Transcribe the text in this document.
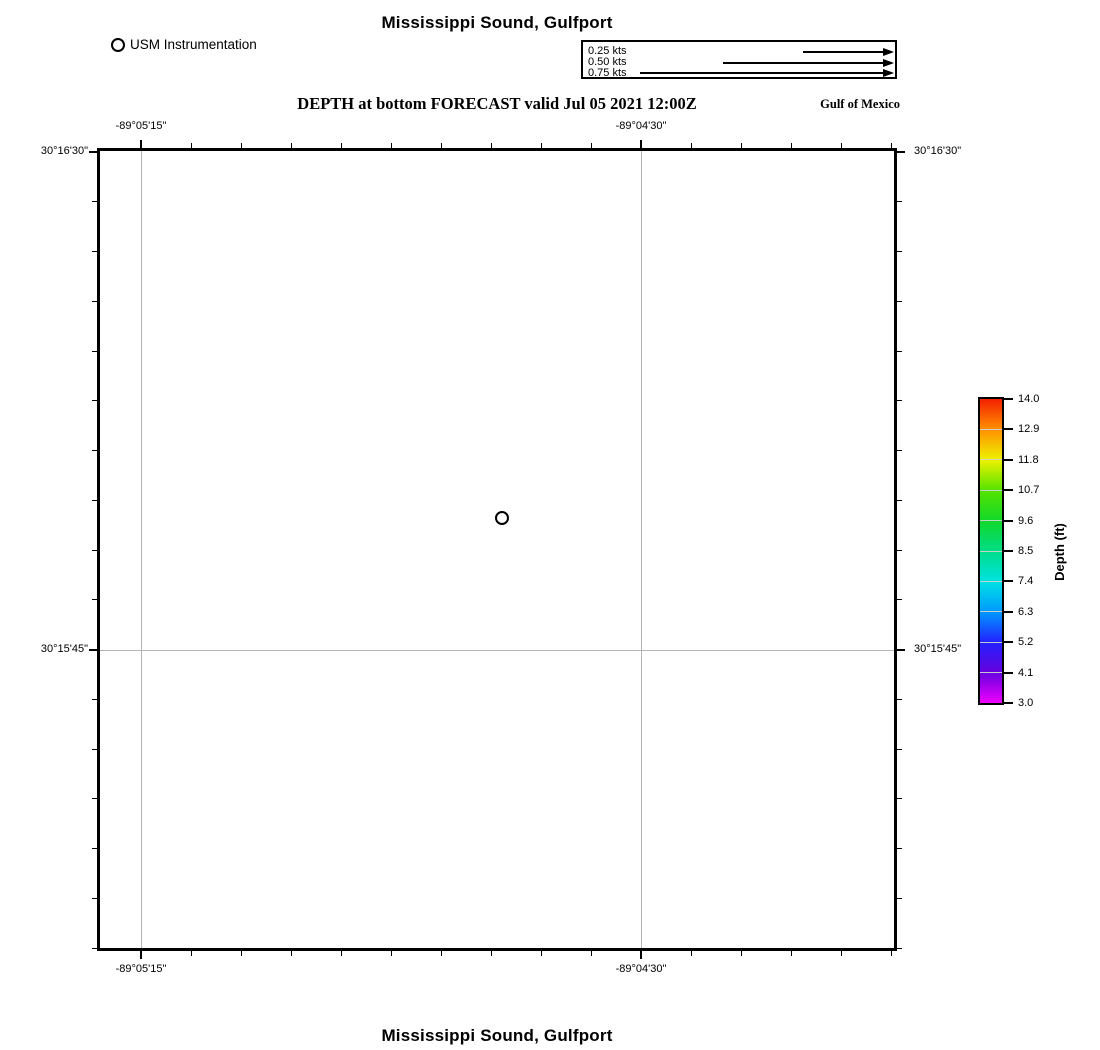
Mississippi Sound, Gulfport
USM Instrumentation	0.25 kts
0.50 kts
0.75 kts
DEPTH at bottom FORECAST valid Jul 05 2021 12:00Z	Gulf of Mexico
Depth (ft)
Mississippi Sound, Gulfport
-89°05'15"
-89°05'15"
-89°04'30"
-89°04'30"
30°16'30"	30°16'30"
30°15'45"	30°15'45"
14.0
12.9
11.8
10.7
9.6
8.5
7.4
6.3
5.2
4.1
3.0
